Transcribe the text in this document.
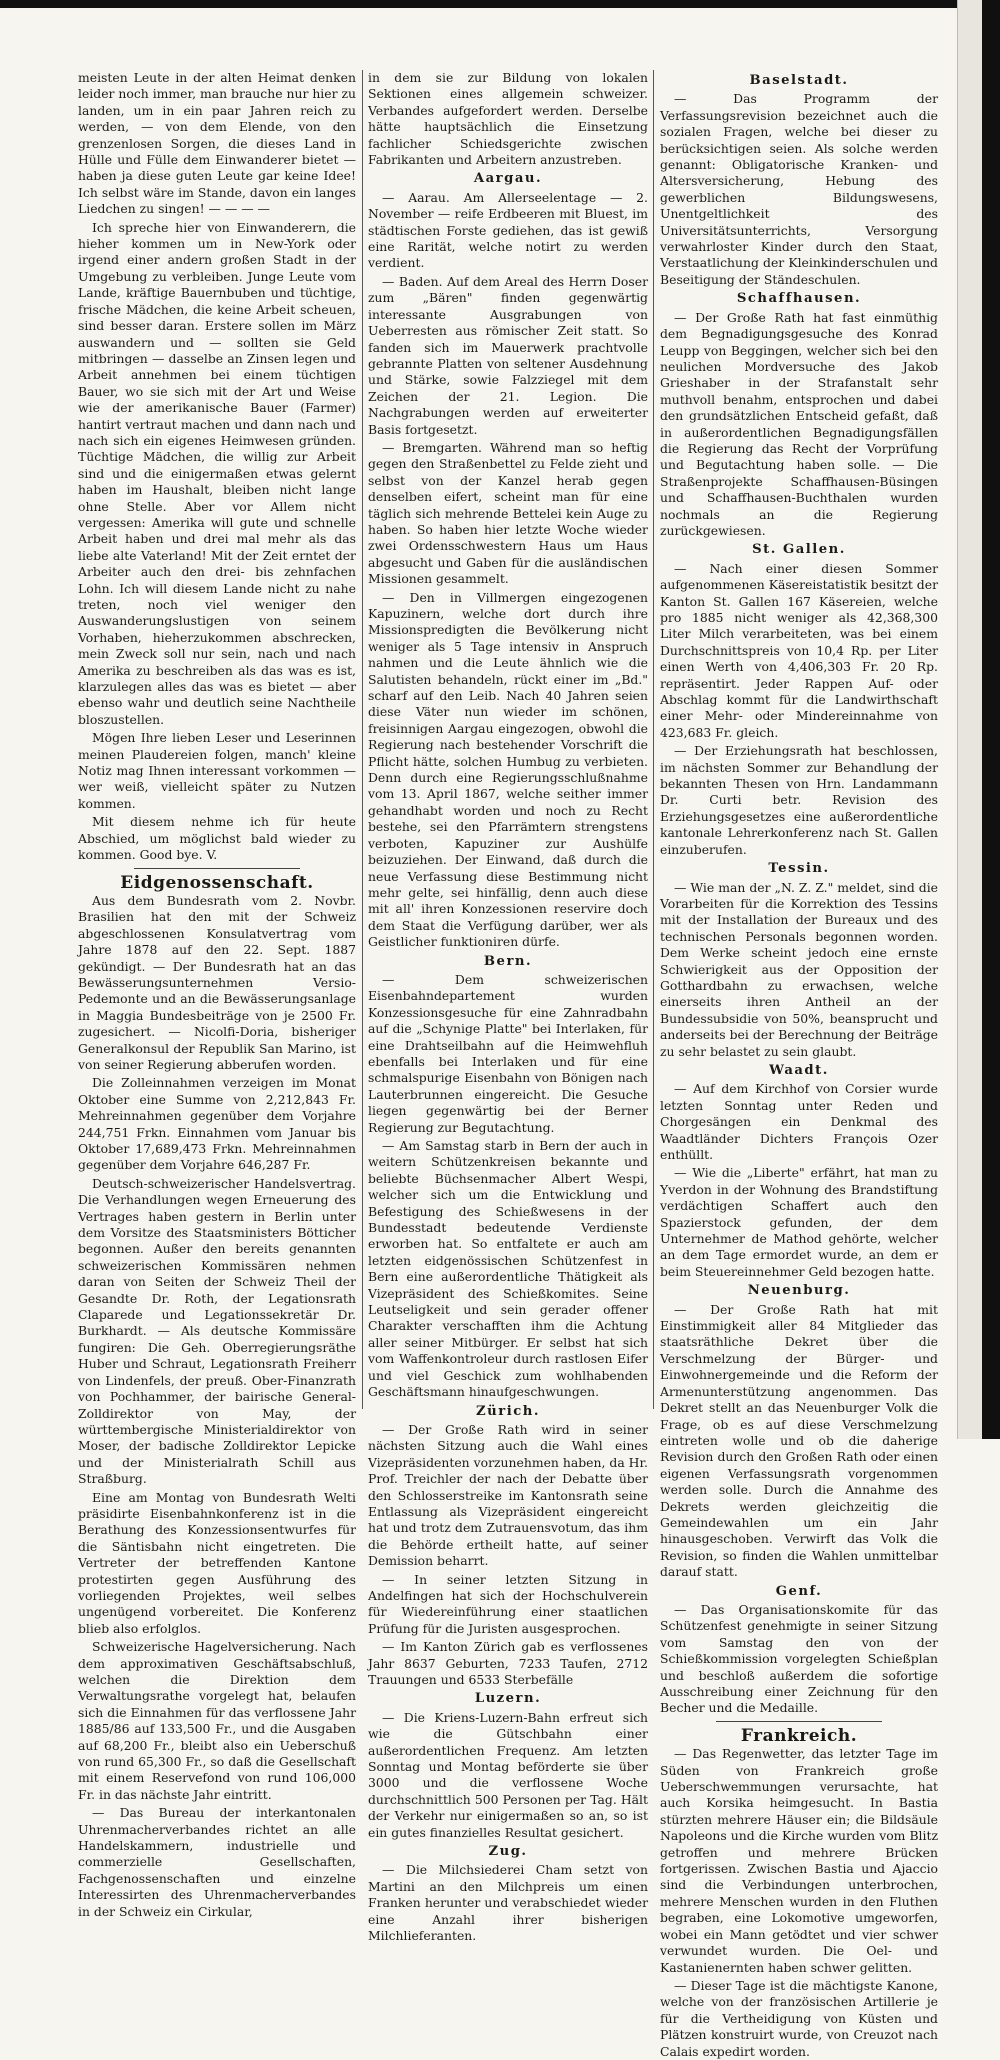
meisten Leute in der alten Heimat denken leider noch immer, man brauche nur hier zu landen, um in ein paar Jahren reich zu werden, — von dem Elende, von den grenzenlosen Sorgen, die dieses Land in Hülle und Fülle dem Einwanderer bietet — haben ja diese guten Leute gar keine Idee! Ich selbst wäre im Stande, davon ein langes Liedchen zu singen! — — — —

Ich spreche hier von Einwanderern, die hieher kommen um in New-York oder irgend einer andern großen Stadt in der Umgebung zu verbleiben. Junge Leute vom Lande, kräftige Bauernbuben und tüchtige, frische Mädchen, die keine Arbeit scheuen, sind besser daran. Erstere sollen im März auswandern und — sollten sie Geld mitbringen — dasselbe an Zinsen legen und Arbeit annehmen bei einem tüchtigen Bauer, wo sie sich mit der Art und Weise wie der amerikanische Bauer (Farmer) hantirt vertraut machen und dann nach und nach sich ein eigenes Heimwesen gründen. Tüchtige Mädchen, die willig zur Arbeit sind und die einigermaßen etwas gelernt haben im Haushalt, bleiben nicht lange ohne Stelle. Aber vor Allem nicht vergessen: Amerika will gute und schnelle Arbeit haben und drei mal mehr als das liebe alte Vaterland! Mit der Zeit erntet der Arbeiter auch den drei- bis zehnfachen Lohn. Ich will diesem Lande nicht zu nahe treten, noch viel weniger den Auswanderungslustigen von seinem Vorhaben, hieherzukommen abschrecken, mein Zweck soll nur sein, nach und nach Amerika zu beschreiben als das was es ist, klarzulegen alles das was es bietet — aber ebenso wahr und deutlich seine Nachtheile bloszustellen.

Mögen Ihre lieben Leser und Leserinnen meinen Plaudereien folgen, manch' kleine Notiz mag Ihnen interessant vorkommen — wer weiß, vielleicht später zu Nutzen kommen.

Mit diesem nehme ich für heute Abschied, um möglichst bald wieder zu kommen. Good bye. V.

Eidgenossenschaft.

Aus dem Bundesrath vom 2. Novbr. Brasilien hat den mit der Schweiz abgeschlossenen Konsulatvertrag vom Jahre 1878 auf den 22. Sept. 1887 gekündigt. — Der Bundesrath hat an das Bewässerungsunternehmen Versio-Pedemonte und an die Bewässerungsanlage in Maggia Bundesbeiträge von je 2500 Fr. zugesichert. — Nicolfi-Doria, bisheriger Generalkonsul der Republik San Marino, ist von seiner Regierung abberufen worden.

Die Zolleinnahmen verzeigen im Monat Oktober eine Summe von 2,212,843 Fr. Mehreinnahmen gegenüber dem Vorjahre 244,751 Frkn. Einnahmen vom Januar bis Oktober 17,689,473 Frkn. Mehreinnahmen gegenüber dem Vorjahre 646,287 Fr.

Deutsch-schweizerischer Handelsvertrag. Die Verhandlungen wegen Erneuerung des Vertrages haben gestern in Berlin unter dem Vorsitze des Staatsministers Bötticher begonnen. Außer den bereits genannten schweizerischen Kommissären nehmen daran von Seiten der Schweiz Theil der Gesandte Dr. Roth, der Legationsrath Claparede und Legationssekretär Dr. Burkhardt. — Als deutsche Kommissäre fungiren: Die Geh. Oberregierungsräthe Huber und Schraut, Legationsrath Freiherr von Lindenfels, der preuß. Ober-Finanzrath von Pochhammer, der bairische General-Zolldirektor von May, der württembergische Ministerialdirektor von Moser, der badische Zolldirektor Lepicke und der Ministerialrath Schill aus Straßburg.

Eine am Montag von Bundesrath Welti präsidirte Eisenbahnkonferenz ist in die Berathung des Konzessionsentwurfes für die Säntisbahn nicht eingetreten. Die Vertreter der betreffenden Kantone protestirten gegen Ausführung des vorliegenden Projektes, weil selbes ungenügend vorbereitet. Die Konferenz blieb also erfolglos.

Schweizerische Hagelversicherung. Nach dem approximativen Geschäftsabschluß, welchen die Direktion dem Verwaltungsrathe vorgelegt hat, belaufen sich die Einnahmen für das verflossene Jahr 1885/86 auf 133,500 Fr., und die Ausgaben auf 68,200 Fr., bleibt also ein Ueberschuß von rund 65,300 Fr., so daß die Gesellschaft mit einem Reservefond von rund 106,000 Fr. in das nächste Jahr eintritt.

— Das Bureau der interkantonalen Uhrenmacherverbandes richtet an alle Handelskammern, industrielle und commerzielle Gesellschaften, Fachgenossenschaften und einzelne Interessirten des Uhrenmacherverbandes in der Schweiz ein Cirkular,

in dem sie zur Bildung von lokalen Sektionen eines allgemein schweizer. Verbandes aufgefordert werden. Derselbe hätte hauptsächlich die Einsetzung fachlicher Schiedsgerichte zwischen Fabrikanten und Arbeitern anzustreben.

Aargau.

— Aarau. Am Allerseelentage — 2. November — reife Erdbeeren mit Bluest, im städtischen Forste gediehen, das ist gewiß eine Rarität, welche notirt zu werden verdient.

— Baden. Auf dem Areal des Herrn Doser zum „Bären" finden gegenwärtig interessante Ausgrabungen von Ueberresten aus römischer Zeit statt. So fanden sich im Mauerwerk prachtvolle gebrannte Platten von seltener Ausdehnung und Stärke, sowie Falzziegel mit dem Zeichen der 21. Legion. Die Nachgrabungen werden auf erweiterter Basis fortgesetzt.

— Bremgarten. Während man so heftig gegen den Straßenbettel zu Felde zieht und selbst von der Kanzel herab gegen denselben eifert, scheint man für eine täglich sich mehrende Bettelei kein Auge zu haben. So haben hier letzte Woche wieder zwei Ordensschwestern Haus um Haus abgesucht und Gaben für die ausländischen Missionen gesammelt.

— Den in Villmergen eingezogenen Kapuzinern, welche dort durch ihre Missionspredigten die Bevölkerung nicht weniger als 5 Tage intensiv in Anspruch nahmen und die Leute ähnlich wie die Salutisten behandeln, rückt einer im „Bd." scharf auf den Leib. Nach 40 Jahren seien diese Väter nun wieder im schönen, freisinnigen Aargau eingezogen, obwohl die Regierung nach bestehender Vorschrift die Pflicht hätte, solchen Humbug zu verbieten. Denn durch eine Regierungsschlußnahme vom 13. April 1867, welche seither immer gehandhabt worden und noch zu Recht bestehe, sei den Pfarrämtern strengstens verboten, Kapuziner zur Aushülfe beizuziehen. Der Einwand, daß durch die neue Verfassung diese Bestimmung nicht mehr gelte, sei hinfällig, denn auch diese mit all' ihren Konzessionen reservire doch dem Staat die Verfügung darüber, wer als Geistlicher funktioniren dürfe.

Bern.

— Dem schweizerischen Eisenbahndepartement wurden Konzessionsgesuche für eine Zahnradbahn auf die „Schynige Platte" bei Interlaken, für eine Drahtseilbahn auf die Heimwehfluh ebenfalls bei Interlaken und für eine schmalspurige Eisenbahn von Bönigen nach Lauterbrunnen eingereicht. Die Gesuche liegen gegenwärtig bei der Berner Regierung zur Begutachtung.

— Am Samstag starb in Bern der auch in weitern Schützenkreisen bekannte und beliebte Büchsenmacher Albert Wespi, welcher sich um die Entwicklung und Befestigung des Schießwesens in der Bundesstadt bedeutende Verdienste erworben hat. So entfaltete er auch am letzten eidgenössischen Schützenfest in Bern eine außerordentliche Thätigkeit als Vizepräsident des Schießkomites. Seine Leutseligkeit und sein gerader offener Charakter verschafften ihm die Achtung aller seiner Mitbürger. Er selbst hat sich vom Waffenkontroleur durch rastlosen Eifer und viel Geschick zum wohlhabenden Geschäftsmann hinaufgeschwungen.

Zürich.

— Der Große Rath wird in seiner nächsten Sitzung auch die Wahl eines Vizepräsidenten vorzunehmen haben, da Hr. Prof. Treichler der nach der Debatte über den Schlosserstreike im Kantonsrath seine Entlassung als Vizepräsident eingereicht hat und trotz dem Zutrauensvotum, das ihm die Behörde ertheilt hatte, auf seiner Demission beharrt.

— In seiner letzten Sitzung in Andelfingen hat sich der Hochschulverein für Wiedereinführung einer staatlichen Prüfung für die Juristen ausgesprochen.

— Im Kanton Zürich gab es verflossenes Jahr 8637 Geburten, 7233 Taufen, 2712 Trauungen und 6533 Sterbefälle

Luzern.

— Die Kriens-Luzern-Bahn erfreut sich wie die Gütschbahn einer außerordentlichen Frequenz. Am letzten Sonntag und Montag beförderte sie über 3000 und die verflossene Woche durchschnittlich 500 Personen per Tag. Hält der Verkehr nur einigermaßen so an, so ist ein gutes finanzielles Resultat gesichert.

Zug.

— Die Milchsiederei Cham setzt von Martini an den Milchpreis um einen Franken herunter und verabschiedet wieder eine Anzahl ihrer bisherigen Milchlieferanten.

Baselstadt.

— Das Programm der Verfassungsrevision bezeichnet auch die sozialen Fragen, welche bei dieser zu berücksichtigen seien. Als solche werden genannt: Obligatorische Kranken- und Altersversicherung, Hebung des gewerblichen Bildungswesens, Unentgeltlichkeit des Universitätsunterrichts, Versorgung verwahrloster Kinder durch den Staat, Verstaatlichung der Kleinkinderschulen und Beseitigung der Ständeschulen.

Schaffhausen.

— Der Große Rath hat fast einmüthig dem Begnadigungsgesuche des Konrad Leupp von Beggingen, welcher sich bei den neulichen Mordversuche des Jakob Grieshaber in der Strafanstalt sehr muthvoll benahm, entsprochen und dabei den grundsätzlichen Entscheid gefaßt, daß in außerordentlichen Begnadigungsfällen die Regierung das Recht der Vorprüfung und Begutachtung haben solle. — Die Straßenprojekte Schaffhausen-Büsingen und Schaffhausen-Buchthalen wurden nochmals an die Regierung zurückgewiesen.

St. Gallen.

— Nach einer diesen Sommer aufgenommenen Käsereistatistik besitzt der Kanton St. Gallen 167 Käsereien, welche pro 1885 nicht weniger als 42,368,300 Liter Milch verarbeiteten, was bei einem Durchschnittspreis von 10,4 Rp. per Liter einen Werth von 4,406,303 Fr. 20 Rp. repräsentirt. Jeder Rappen Auf- oder Abschlag kommt für die Landwirthschaft einer Mehr- oder Mindereinnahme von 423,683 Fr. gleich.

— Der Erziehungsrath hat beschlossen, im nächsten Sommer zur Behandlung der bekannten Thesen von Hrn. Landammann Dr. Curti betr. Revision des Erziehungsgesetzes eine außerordentliche kantonale Lehrerkonferenz nach St. Gallen einzuberufen.

Tessin.

— Wie man der „N. Z. Z." meldet, sind die Vorarbeiten für die Korrektion des Tessins mit der Installation der Bureaux und des technischen Personals begonnen worden. Dem Werke scheint jedoch eine ernste Schwierigkeit aus der Opposition der Gotthardbahn zu erwachsen, welche einerseits ihren Antheil an der Bundessubsidie von 50%, beansprucht und anderseits bei der Berechnung der Beiträge zu sehr belastet zu sein glaubt.

Waadt.

— Auf dem Kirchhof von Corsier wurde letzten Sonntag unter Reden und Chorgesängen ein Denkmal des Waadtländer Dichters François Ozer enthüllt.

— Wie die „Liberte" erfährt, hat man zu Yverdon in der Wohnung des Brandstiftung verdächtigen Schaffert auch den Spazierstock gefunden, der dem Unternehmer de Mathod gehörte, welcher an dem Tage ermordet wurde, an dem er beim Steuereinnehmer Geld bezogen hatte.

Neuenburg.

— Der Große Rath hat mit Einstimmigkeit aller 84 Mitglieder das staatsräthliche Dekret über die Verschmelzung der Bürger- und Einwohnergemeinde und die Reform der Armenunterstützung angenommen. Das Dekret stellt an das Neuenburger Volk die Frage, ob es auf diese Verschmelzung eintreten wolle und ob die daherige Revision durch den Großen Rath oder einen eigenen Verfassungsrath vorgenommen werden solle. Durch die Annahme des Dekrets werden gleichzeitig die Gemeindewahlen um ein Jahr hinausgeschoben. Verwirft das Volk die Revision, so finden die Wahlen unmittelbar darauf statt.

Genf.

— Das Organisationskomite für das Schützenfest genehmigte in seiner Sitzung vom Samstag den von der Schießkommission vorgelegten Schießplan und beschloß außerdem die sofortige Ausschreibung einer Zeichnung für den Becher und die Medaille.

Frankreich.

— Das Regenwetter, das letzter Tage im Süden von Frankreich große Ueberschwemmungen verursachte, hat auch Korsika heimgesucht. In Bastia stürzten mehrere Häuser ein; die Bildsäule Napoleons und die Kirche wurden vom Blitz getroffen und mehrere Brücken fortgerissen. Zwischen Bastia und Ajaccio sind die Verbindungen unterbrochen, mehrere Menschen wurden in den Fluthen begraben, eine Lokomotive umgeworfen, wobei ein Mann getödtet und vier schwer verwundet wurden. Die Oel- und Kastanienernten haben schwer gelitten.

— Dieser Tage ist die mächtigste Kanone, welche von der französischen Artillerie je für die Vertheidigung von Küsten und Plätzen konstruirt wurde, von Creuzot nach Calais expedirt worden.
